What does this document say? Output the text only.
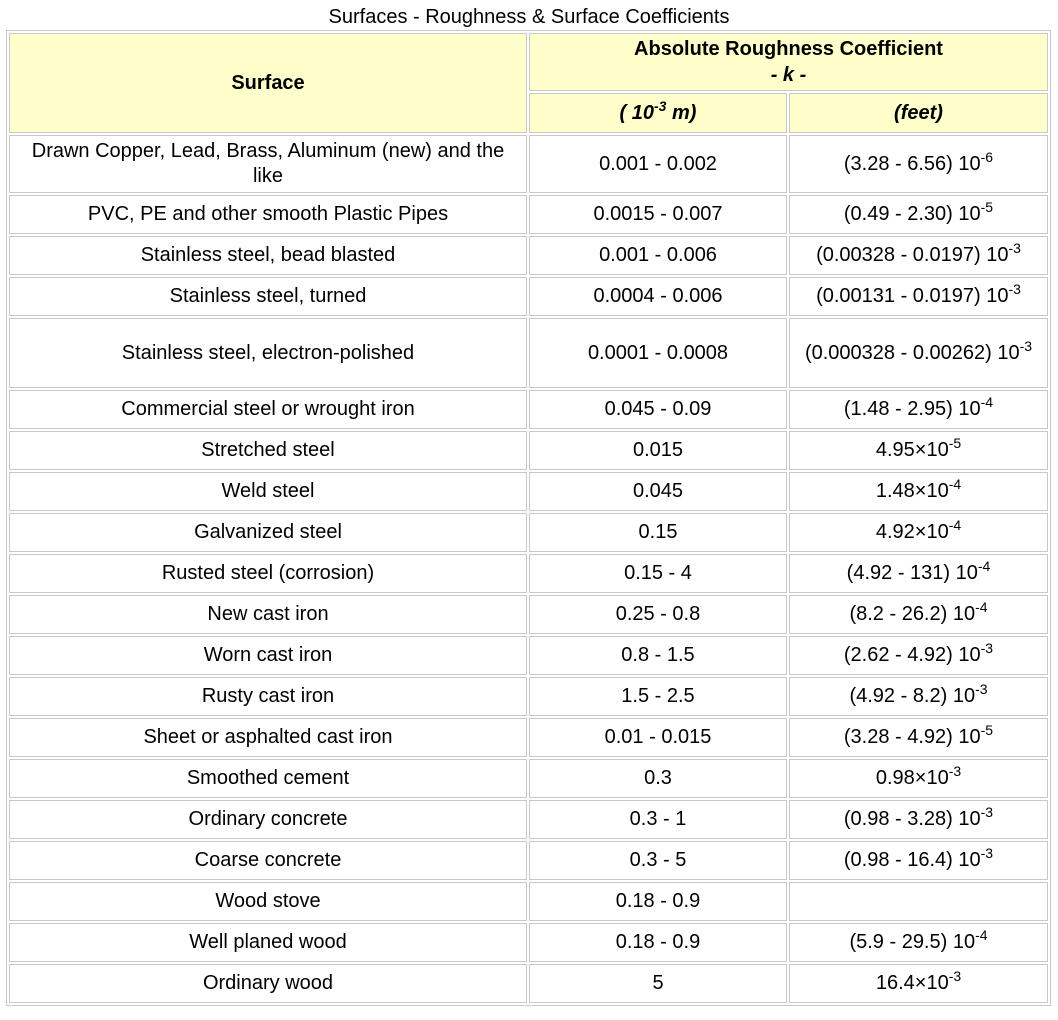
Surfaces - Roughness & Surface Coefficients
Surface	Absolute Roughness Coefficient
- k -	
	( $10^{-3}$ m)	(feet)
Drawn Copper, Lead, Brass, Aluminum (new) and the like	0.001 - 0.002	(3.28 - 6.56) $10^{-6}$
PVC, PE and other smooth Plastic Pipes	0.0015 - 0.007	(0.49 - 2.30) $10^{-5}$
Stainless steel, bead blasted	0.001 - 0.006	(0.00328 - 0.0197) $10^{-3}$
Stainless steel, turned	0.0004 - 0.006	(0.00131 - 0.0197) $10^{-3}$
Stainless steel, electron-polished	0.0001 - 0.0008	(0.000328 - 0.00262) $10^{-3}$
Commercial steel or wrought iron	0.045 - 0.09	(1.48 - 2.95) $10^{-4}$
Stretched steel	0.015	$4.95\times 10^{-5}$
Weld steel	0.045	$1.48\times 10^{-4}$
Galvanized steel	0.15	$4.92\times 10^{-4}$
Rusted steel (corrosion)	0.15 - 4	(4.92 - 131) $10^{-4}$
New cast iron	0.25 - 0.8	(8.2 - 26.2) $10^{-4}$
Worn cast iron	0.8 - 1.5	(2.62 - 4.92) $10^{-3}$
Rusty cast iron	1.5 - 2.5	(4.92 - 8.2) $10^{-3}$
Sheet or asphalted cast iron	0.01 - 0.015	(3.28 - 4.92) $10^{-5}$
Smoothed cement	0.3	$0.98\times 10^{-3}$
Ordinary concrete	0.3 - 1	(0.98 - 3.28) $10^{-3}$
Coarse concrete	0.3 - 5	(0.98 - 16.4) $10^{-3}$
Wood stove	0.18 - 0.9	
Well planed wood	0.18 - 0.9	(5.9 - 29.5) $10^{-4}$
Ordinary wood	5	$16.4\times 10^{-3}$
